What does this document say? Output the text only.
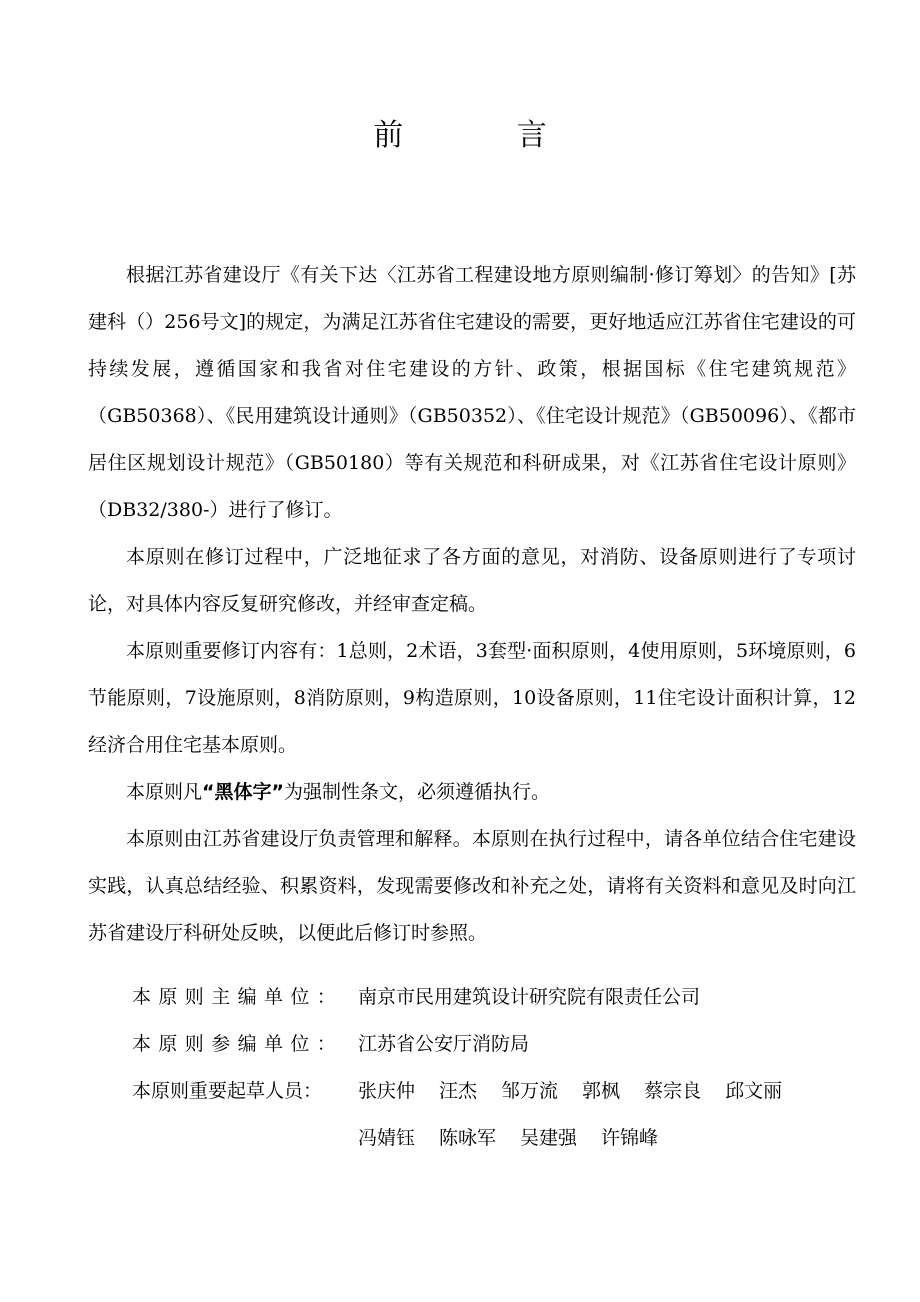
前 言

根据江苏省建设厅《有关下达〈江苏省工程建设地方原则编制·修订筹划〉的告知》[苏建科（）256号文]的规定，为满足江苏省住宅建设的需要，更好地适应江苏省住宅建设的可持续发展，遵循国家和我省对住宅建设的方针、政策，根据国标《住宅建筑规范》（GB50368）、《民用建筑设计通则》（GB50352）、《住宅设计规范》（GB50096）、《都市居住区规划设计规范》（GB50180）等有关规范和科研成果，对《江苏省住宅设计原则》（DB32/380-）进行了修订。

本原则在修订过程中，广泛地征求了各方面的意见，对消防、设备原则进行了专项讨论，对具体内容反复研究修改，并经审查定稿。

本原则重要修订内容有：1总则，2术语，3套型·面积原则，4使用原则，5环境原则，6节能原则，7设施原则，8消防原则，9构造原则，10设备原则，11住宅设计面积计算，12经济合用住宅基本原则。

本原则凡“黑体字”为强制性条文，必须遵循执行。

本原则由江苏省建设厅负责管理和解释。本原则在执行过程中，请各单位结合住宅建设实践，认真总结经验、积累资料，发现需要修改和补充之处，请将有关资料和意见及时向江苏省建设厅科研处反映，以便此后修订时参照。

本原则主编单位： 南京市民用建筑设计研究院有限责任公司
本原则参编单位： 江苏省公安厅消防局
本原则重要起草人员：	张庆仲 汪杰 邹万流 郭枫 蔡宗良 邱文丽
冯婧钰 陈咏军 吴建强 许锦峰
